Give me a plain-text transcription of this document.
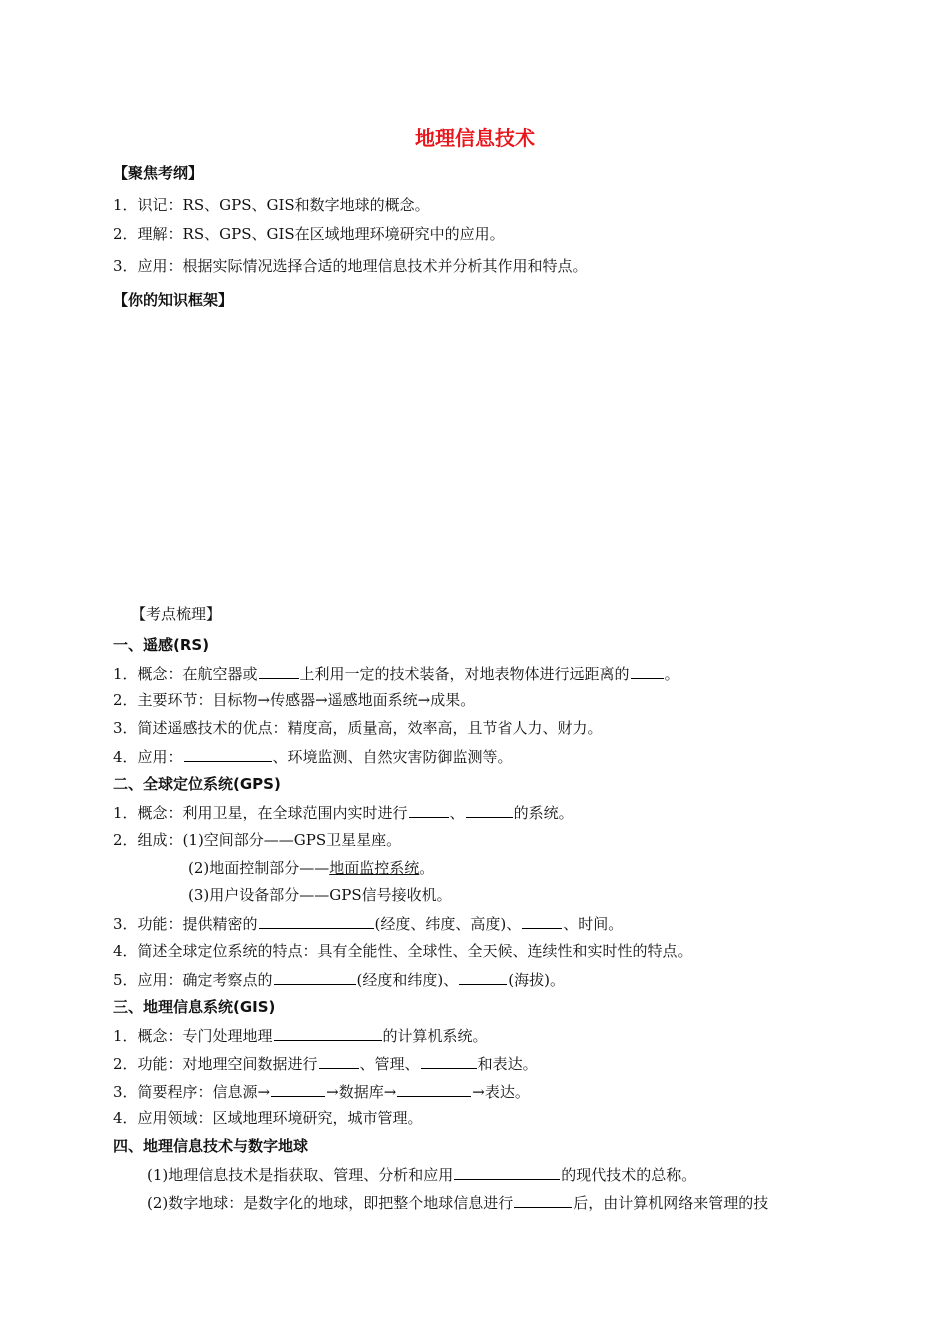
地理信息技术
【聚焦考纲】
1．识记：RS、GPS、GIS和数字地球的概念。
2．理解：RS、GPS、GIS在区域地理环境研究中的应用。
3．应用：根据实际情况选择合适的地理信息技术并分析其作用和特点。
【你的知识框架】
【考点梳理】
一、遥感(RS)
1．概念：在航空器或	上利用一定的技术装备，对地表物体进行远距离的 。
2．主要环节：目标物→传感器→遥感地面系统→成果。
3．简述遥感技术的优点：精度高，质量高，效率高，且节省人力、财力。
4．应用：	、环境监测、自然灾害防御监测等。
二、全球定位系统(GPS)
1．概念：利用卫星，在全球范围内实时进行	、	的系统。
2．组成：(1)空间部分——GPS卫星星座。
(2)地面控制部分——地面监控系统。
(3)用户设备部分——GPS信号接收机。
3．功能：提供精密的	(经度、纬度、高度)、	、时间。
4．简述全球定位系统的特点：具有全能性、全球性、全天候、连续性和实时性的特点。
5．应用：确定考察点的	(经度和纬度)、	(海拔)。
三、地理信息系统(GIS)
1．概念：专门处理地理	的计算机系统。
2．功能：对地理空间数据进行	、管理、	和表达。
3．简要程序：信息源→	→数据库→	→表达。
4．应用领域：区域地理环境研究，城市管理。
四、地理信息技术与数字地球
(1)地理信息技术是指获取、管理、分析和应用	的现代技术的总称。
(2)数字地球：是数字化的地球，即把整个地球信息进行	后，由计算机网络来管理的技
